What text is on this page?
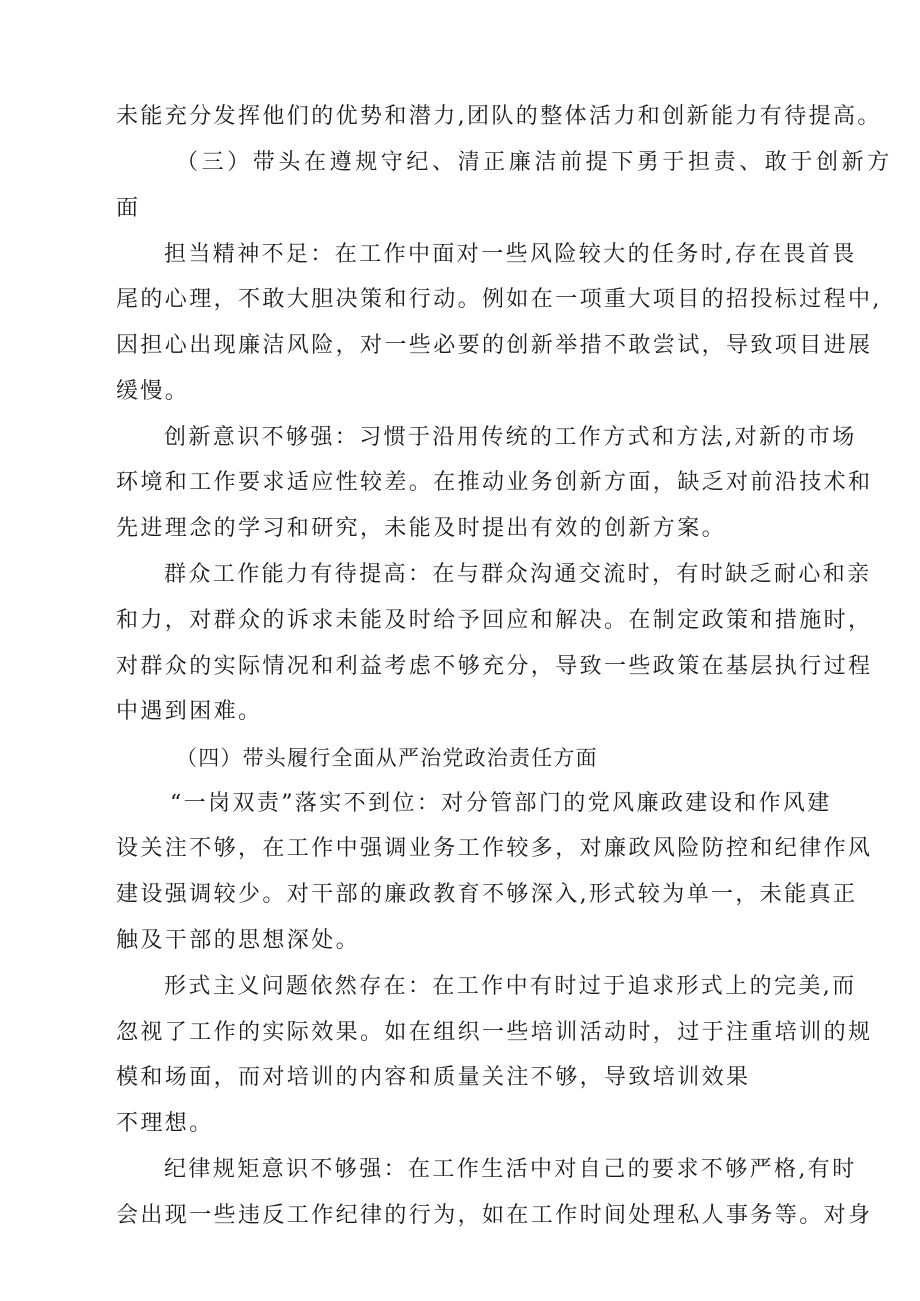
未能充分发挥他们的优势和潜力,团队的整体活力和创新能力有待提高。
（三）带头在遵规守纪、清正廉洁前提下勇于担责、敢于创新方
面
担当精神不足：在工作中面对一些风险较大的任务时,存在畏首畏
尾的心理，不敢大胆决策和行动。例如在一项重大项目的招投标过程中,
因担心出现廉洁风险，对一些必要的创新举措不敢尝试，导致项目进展
缓慢。
创新意识不够强：习惯于沿用传统的工作方式和方法,对新的市场
环境和工作要求适应性较差。在推动业务创新方面，缺乏对前沿技术和
先进理念的学习和研究，未能及时提出有效的创新方案。
群众工作能力有待提高：在与群众沟通交流时，有时缺乏耐心和亲
和力，对群众的诉求未能及时给予回应和解决。在制定政策和措施时，
对群众的实际情况和利益考虑不够充分，导致一些政策在基层执行过程
中遇到困难。
（四）带头履行全面从严治党政治责任方面
“一岗双责”落实不到位：对分管部门的党风廉政建设和作风建
设关注不够，在工作中强调业务工作较多，对廉政风险防控和纪律作风
建设强调较少。对干部的廉政教育不够深入,形式较为单一，未能真正
触及干部的思想深处。
形式主义问题依然存在：在工作中有时过于追求形式上的完美,而
忽视了工作的实际效果。如在组织一些培训活动时，过于注重培训的规
模和场面，而对培训的内容和质量关注不够，导致培训效果
不理想。
纪律规矩意识不够强：在工作生活中对自己的要求不够严格,有时
会出现一些违反工作纪律的行为，如在工作时间处理私人事务等。对身
